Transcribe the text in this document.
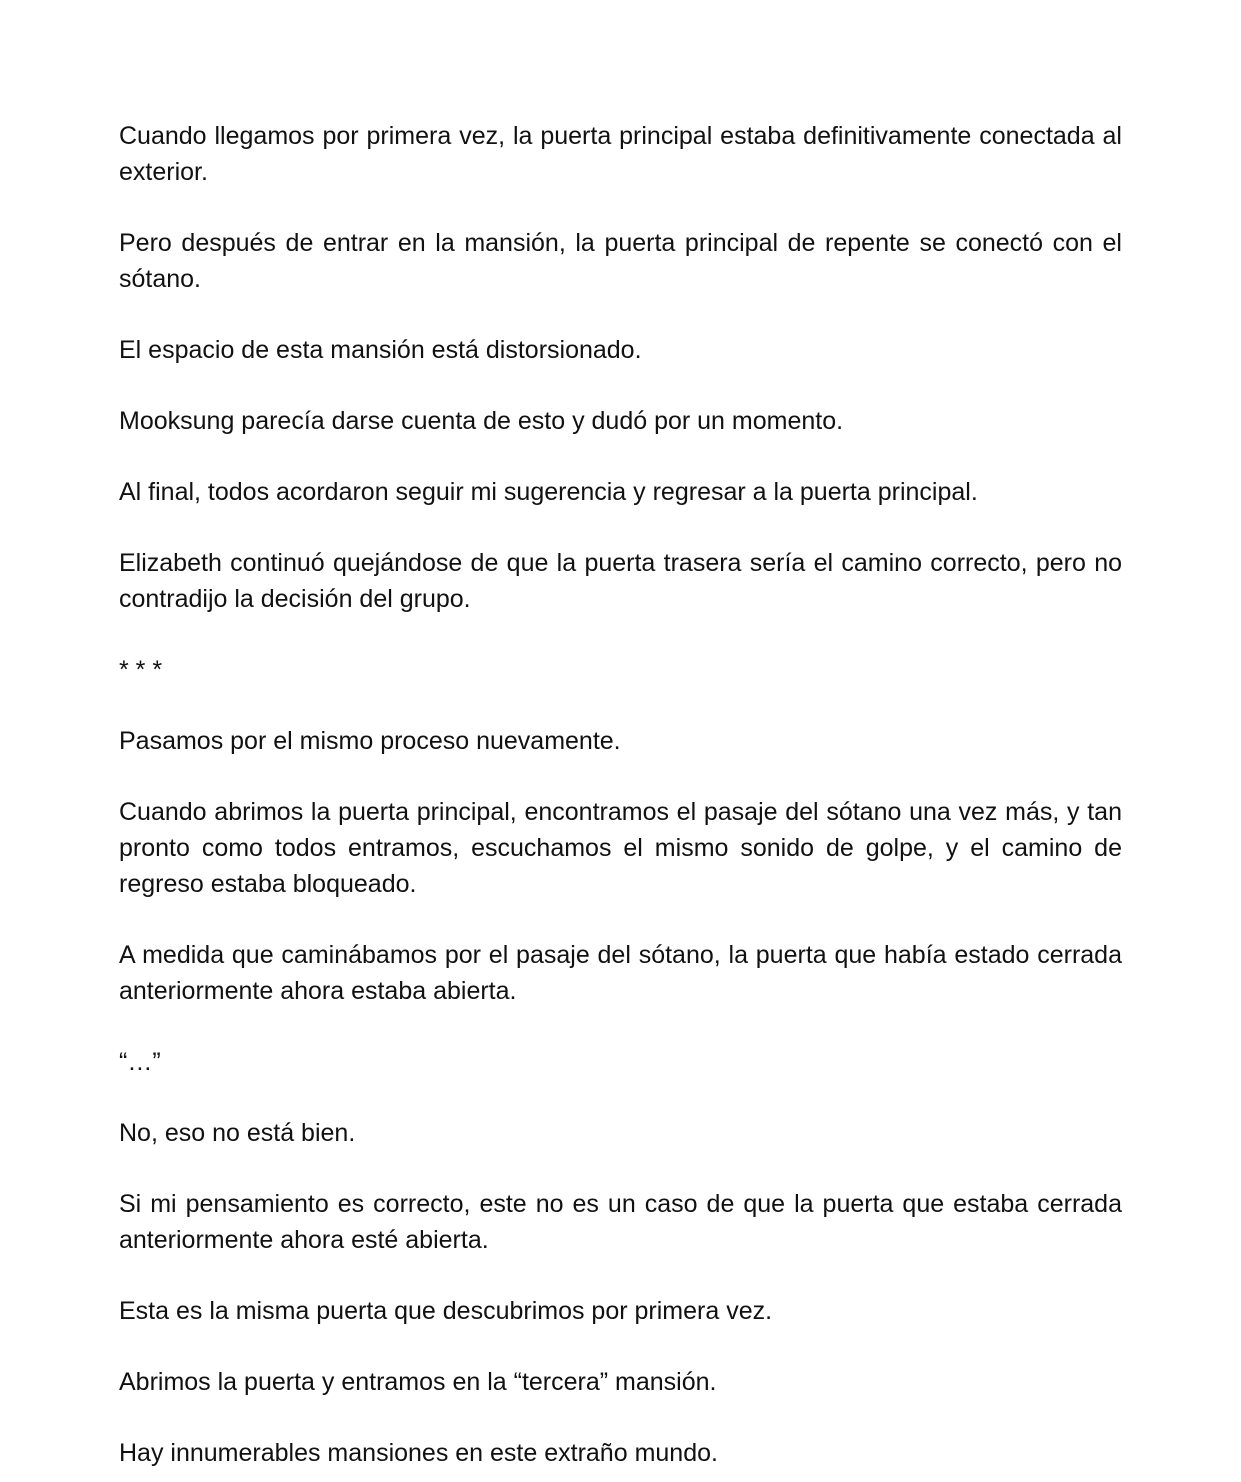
Cuando llegamos por primera vez, la puerta principal estaba definitivamente conectada al exterior.

Pero después de entrar en la mansión, la puerta principal de repente se conectó con el sótano.

El espacio de esta mansión está distorsionado.

Mooksung parecía darse cuenta de esto y dudó por un momento.

Al final, todos acordaron seguir mi sugerencia y regresar a la puerta principal.

Elizabeth continuó quejándose de que la puerta trasera sería el camino correcto, pero no contradijo la decisión del grupo.

* * *

Pasamos por el mismo proceso nuevamente.

Cuando abrimos la puerta principal, encontramos el pasaje del sótano una vez más, y tan pronto como todos entramos, escuchamos el mismo sonido de golpe, y el camino de regreso estaba bloqueado.

A medida que caminábamos por el pasaje del sótano, la puerta que había estado cerrada anteriormente ahora estaba abierta.

“…”

No, eso no está bien.

Si mi pensamiento es correcto, este no es un caso de que la puerta que estaba cerrada anteriormente ahora esté abierta.

Esta es la misma puerta que descubrimos por primera vez.

Abrimos la puerta y entramos en la “tercera” mansión.

Hay innumerables mansiones en este extraño mundo.
